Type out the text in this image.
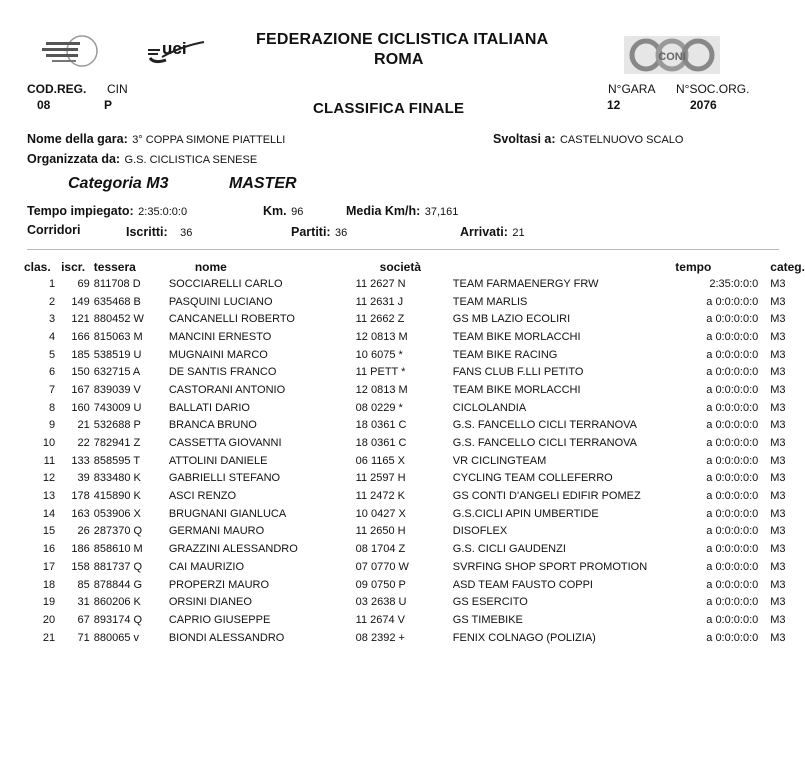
uci	CONI
FEDERAZIONE CICLISTICA ITALIANA
ROMA
COD.REG. CIN
08	P
N°GARA N°SOC.ORG.
12	2076
CLASSIFICA FINALE
Nome della gara: 3° COPPA SIMONE PIATTELLI	Svoltasi a: CASTELNUOVO SCALO
Organizzata da: G.S. CICLISTICA SENESE
Categoria M3	MASTER
Tempo impiegato: 2:35:0:0:0	Km. 96	Media Km/h: 37,161
Corridori	Iscritti: 36	Partiti: 36	Arrivati: 21
clas.	iscr.	tessera	nome	società		tempo	categ.
1	69	811708 D	SOCCIARELLI CARLO	11 2627 N	TEAM FARMAENERGY FRW	2:35:0:0:0	M3
2	149	635468 B	PASQUINI LUCIANO	11 2631 J	TEAM MARLIS	a 0:0:0:0:0	M3
3	121	880452 W	CANCANELLI ROBERTO	11 2662 Z	GS MB LAZIO ECOLIRI	a 0:0:0:0:0	M3
4	166	815063 M	MANCINI ERNESTO	12 0813 M	TEAM BIKE MORLACCHI	a 0:0:0:0:0	M3
5	185	538519 U	MUGNAINI MARCO	10 6075 *	TEAM BIKE RACING	a 0:0:0:0:0	M3
6	150	632715 A	DE SANTIS FRANCO	11 PETT *	FANS CLUB F.LLI PETITO	a 0:0:0:0:0	M3
7	167	839039 V	CASTORANI ANTONIO	12 0813 M	TEAM BIKE MORLACCHI	a 0:0:0:0:0	M3
8	160	743009 U	BALLATI DARIO	08 0229 *	CICLOLANDIA	a 0:0:0:0:0	M3
9	21	532688 P	BRANCA BRUNO	18 0361 C	G.S. FANCELLO CICLI TERRANOVA	a 0:0:0:0:0	M3
10	22	782941 Z	CASSETTA GIOVANNI	18 0361 C	G.S. FANCELLO CICLI TERRANOVA	a 0:0:0:0:0	M3
11	133	858595 T	ATTOLINI DANIELE	06 1165 X	VR CICLINGTEAM	a 0:0:0:0:0	M3
12	39	833480 K	GABRIELLI STEFANO	11 2597 H	CYCLING TEAM COLLEFERRO	a 0:0:0:0:0	M3
13	178	415890 K	ASCI RENZO	11 2472 K	GS CONTI D'ANGELI EDIFIR POMEZ	a 0:0:0:0:0	M3
14	163	053906 X	BRUGNANI GIANLUCA	10 0427 X	G.S.CICLI APIN UMBERTIDE	a 0:0:0:0:0	M3
15	26	287370 Q	GERMANI MAURO	11 2650 H	DISOFLEX	a 0:0:0:0:0	M3
16	186	858610 M	GRAZZINI ALESSANDRO	08 1704 Z	G.S. CICLI GAUDENZI	a 0:0:0:0:0	M3
17	158	881737 Q	CAI MAURIZIO	07 0770 W	SVRFING SHOP SPORT PROMOTION	a 0:0:0:0:0	M3
18	85	878844 G	PROPERZI MAURO	09 0750 P	ASD TEAM FAUSTO COPPI	a 0:0:0:0:0	M3
19	31	860206 K	ORSINI DIANEO	03 2638 U	GS ESERCITO	a 0:0:0:0:0	M3
20	67	893174 Q	CAPRIO GIUSEPPE	11 2674 V	GS TIMEBIKE	a 0:0:0:0:0	M3
21	71	880065 v	BIONDI ALESSANDRO	08 2392 +	FENIX COLNAGO (POLIZIA)	a 0:0:0:0:0	M3
